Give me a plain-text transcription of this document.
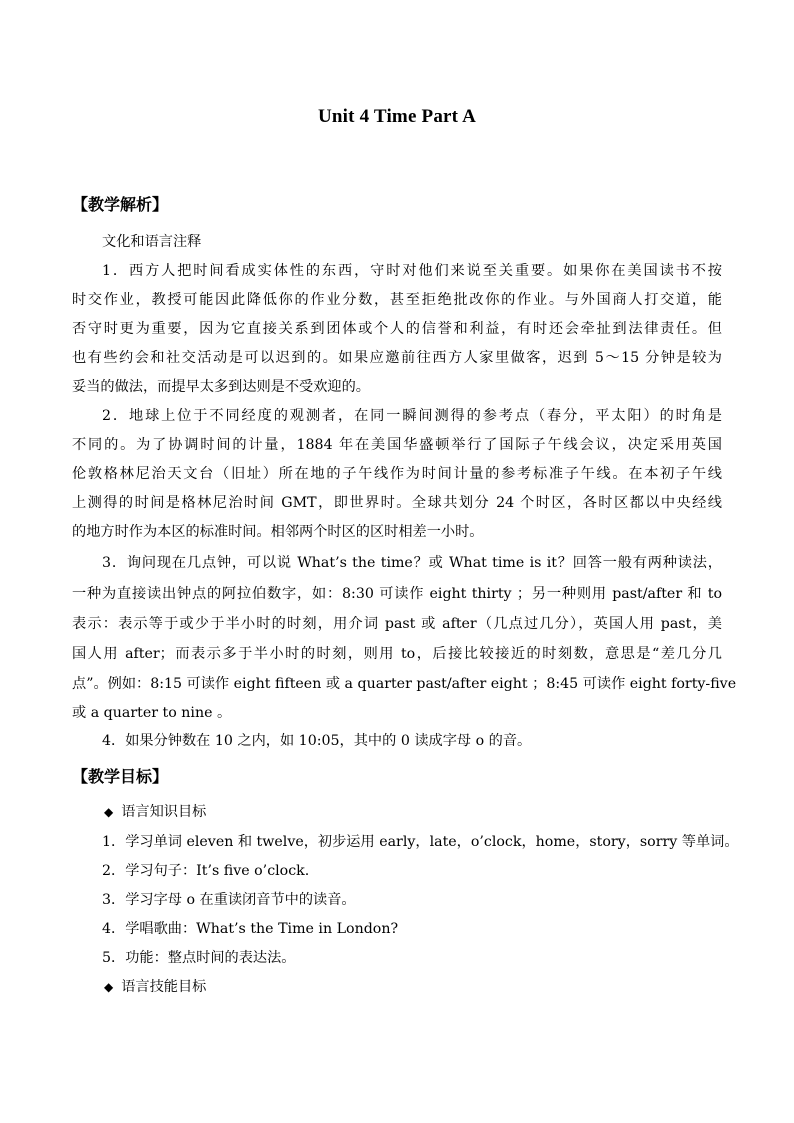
Unit 4 Time Part A
【教学解析】
文化和语言注释
1．西方人把时间看成实体性的东西，守时对他们来说至关重要。如果你在美国读书不按
时交作业，教授可能因此降低你的作业分数，甚至拒绝批改你的作业。与外国商人打交道，能
否守时更为重要，因为它直接关系到团体或个人的信誉和利益，有时还会牵扯到法律责任。但
也有些约会和社交活动是可以迟到的。如果应邀前往西方人家里做客，迟到 5～15 分钟是较为
妥当的做法，而提早太多到达则是不受欢迎的。
2．地球上位于不同经度的观测者，在同一瞬间测得的参考点（春分，平太阳）的时角是
不同的。为了协调时间的计量，1884 年在美国华盛顿举行了国际子午线会议，决定采用英国
伦敦格林尼治天文台（旧址）所在地的子午线作为时间计量的参考标准子午线。在本初子午线
上测得的时间是格林尼治时间 GMT，即世界时。全球共划分 24 个时区，各时区都以中央经线
的地方时作为本区的标准时间。相邻两个时区的区时相差一小时。
3．询问现在几点钟，可以说 What’s the time？或 What time is it？回答一般有两种读法，
一种为直接读出钟点的阿拉伯数字，如：8:30 可读作 eight thirty ；另一种则用 past/after 和 to
表示：表示等于或少于半小时的时刻，用介词 past 或 after（几点过几分），英国人用 past，美
国人用 after；而表示多于半小时的时刻，则用 to，后接比较接近的时刻数，意思是“差几分几
点”。例如：8:15 可读作 eight fifteen 或 a quarter past/after eight ；8:45 可读作 eight forty-five
或 a quarter to nine 。
4．如果分钟数在 10 之内，如 10:05，其中的 0 读成字母 o 的音。
【教学目标】
◆ 语言知识目标
1．学习单词 eleven 和 twelve，初步运用 early，late，o’clock，home，story，sorry 等单词。
2．学习句子：It’s five o’clock.
3．学习字母 o 在重读闭音节中的读音。
4．学唱歌曲：What’s the Time in London?
5．功能：整点时间的表达法。
◆ 语言技能目标
